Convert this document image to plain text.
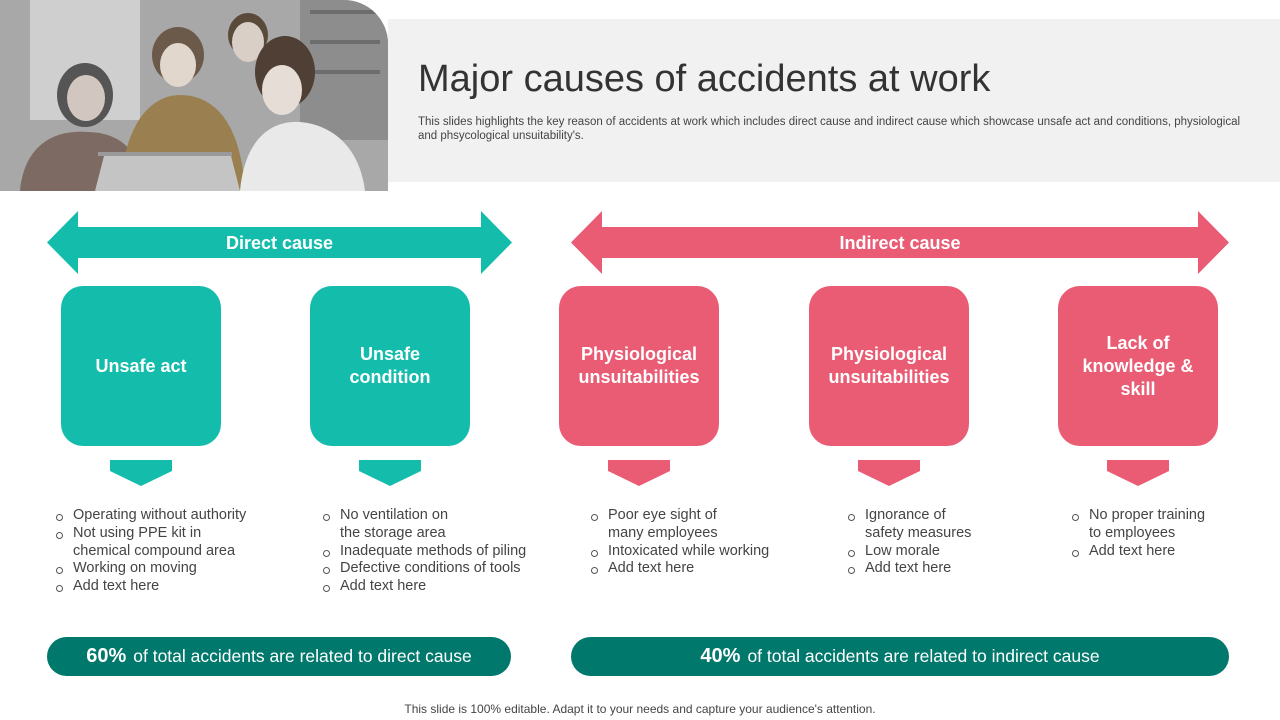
Major causes of accidents at work
This slides highlights the key reason of accidents at work which includes direct cause and indirect cause which showcase unsafe act and conditions, physiological and phsycological unsuitability's.
Direct cause	Indirect cause
Unsafe act
Unsafe condition
Physiological unsuitabilities
Physiological unsuitabilities
Lack of knowledge & skill
Operating without authority
Not using PPE kit in
chemical compound area
Working on moving
Add text here
No ventilation on
the storage area
Inadequate methods of piling
Defective conditions of tools
Add text here
Poor eye sight of
many employees
Intoxicated while working
Add text here
Ignorance of
safety measures
Low morale
Add text here
No proper training
to employees
Add text here
60% of total accidents are related to direct cause	40% of total accidents are related to indirect cause
This slide is 100% editable. Adapt it to your needs and capture your audience's attention.
